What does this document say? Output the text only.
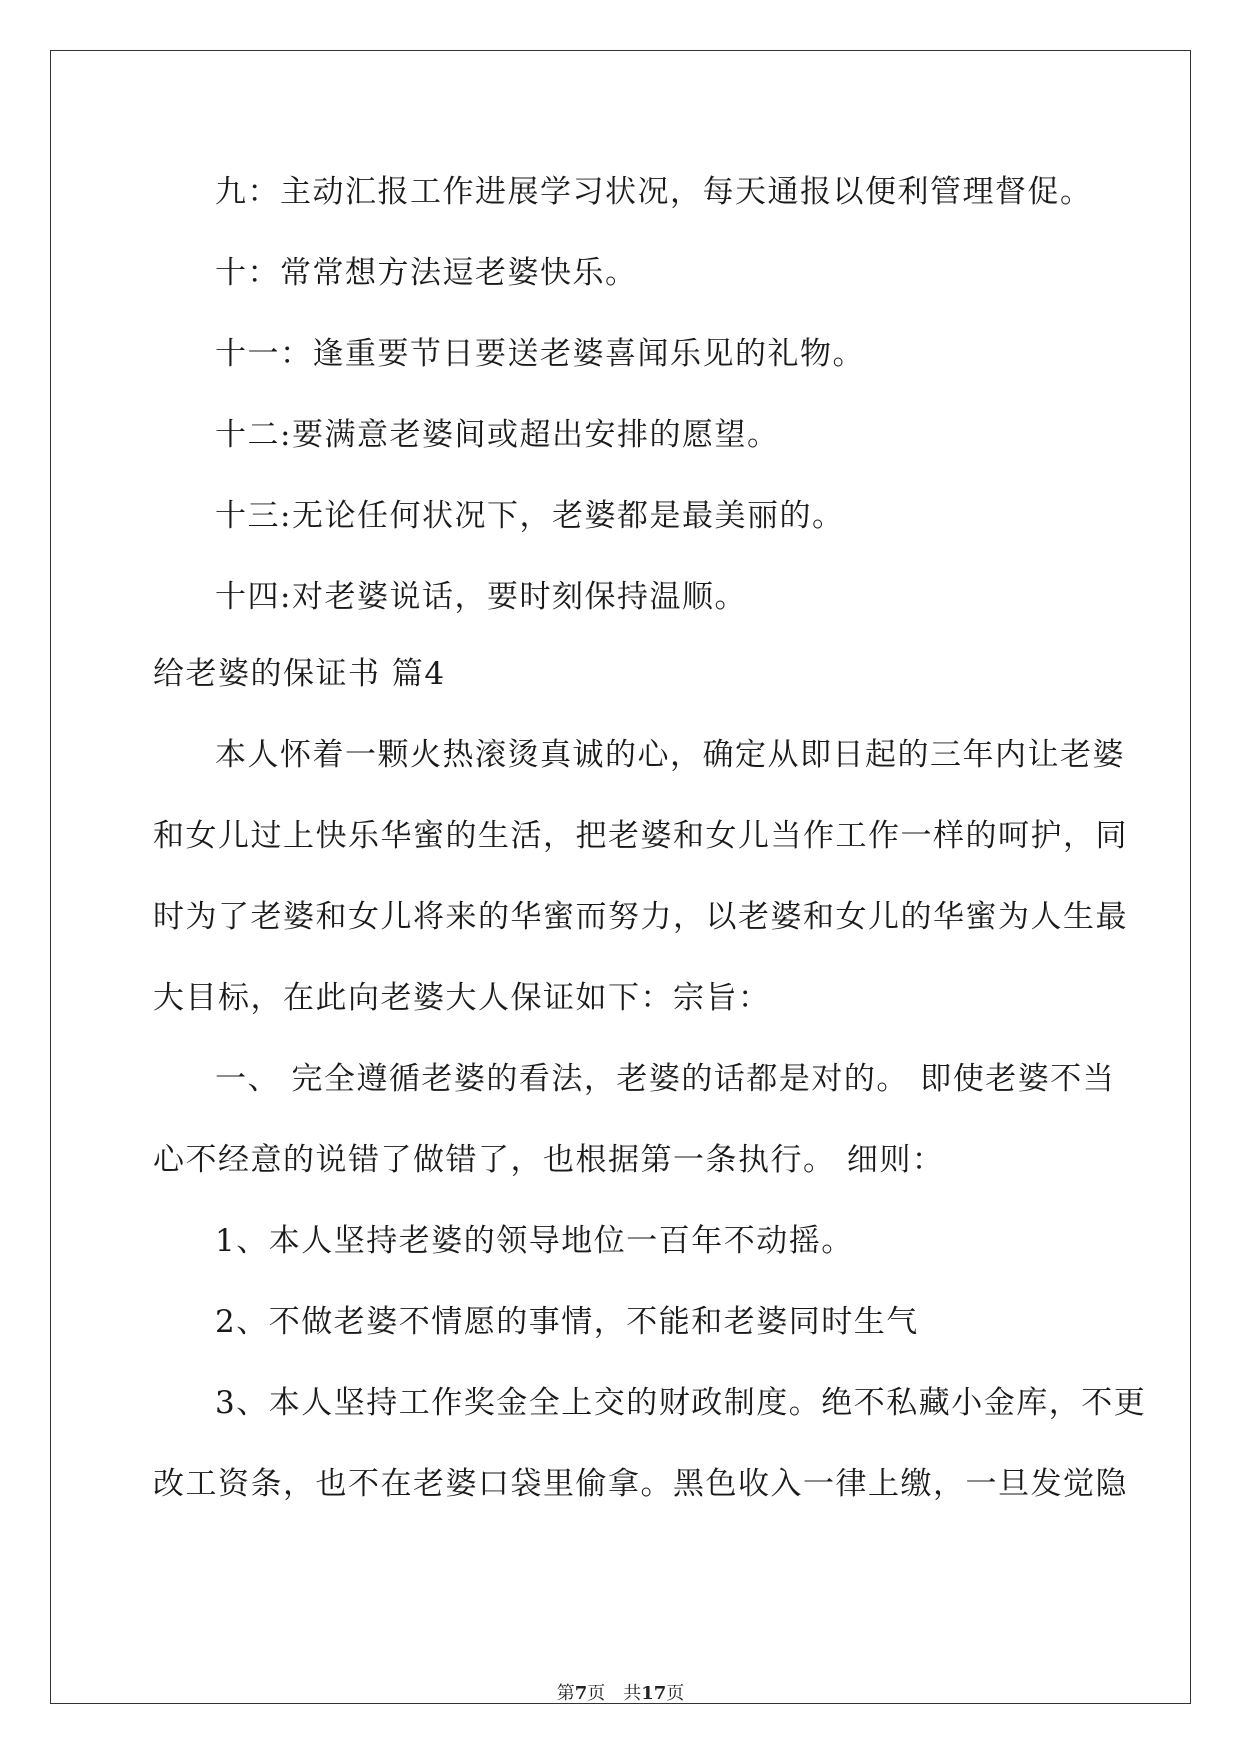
九：主动汇报工作进展学习状况，每天通报以便利管理督促。
十：常常想方法逗老婆快乐。
十一：逢重要节日要送老婆喜闻乐见的礼物。
十二:要满意老婆间或超出安排的愿望。
十三:无论任何状况下，老婆都是最美丽的。
十四:对老婆说话，要时刻保持温顺。
给老婆的保证书 篇4
本人怀着一颗火热滚烫真诚的心，确定从即日起的三年内让老婆
和女儿过上快乐华蜜的生活，把老婆和女儿当作工作一样的呵护，同
时为了老婆和女儿将来的华蜜而努力，以老婆和女儿的华蜜为人生最
大目标，在此向老婆大人保证如下：宗旨：
一、 完全遵循老婆的看法，老婆的话都是对的。 即使老婆不当
心不经意的说错了做错了，也根据第一条执行。 细则：
1、本人坚持老婆的领导地位一百年不动摇。
2、不做老婆不情愿的事情，不能和老婆同时生气
3、本人坚持工作奖金全上交的财政制度。绝不私藏小金库，不更
改工资条，也不在老婆口袋里偷拿。黑色收入一律上缴，一旦发觉隐
第7页　共17页
